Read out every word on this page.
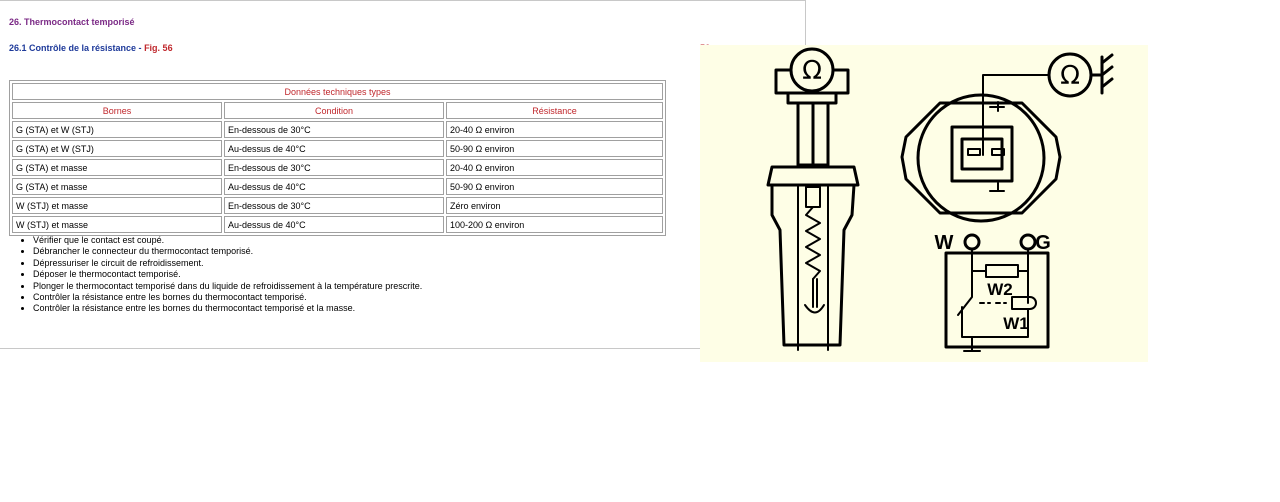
26. Thermocontact temporisé
26.1 Contrôle de la résistance - Fig. 56
Données techniques types		
Bornes	Condition	Résistance
G (STA) et W (STJ)	En-dessous de 30°C	20-40 Ω environ
G (STA) et W (STJ)	Au-dessus de 40°C	50-90 Ω environ
G (STA) et masse	En-dessous de 30°C	20-40 Ω environ
G (STA) et masse	Au-dessus de 40°C	50-90 Ω environ
W (STJ) et masse	En-dessous de 30°C	Zéro environ
W (STJ) et masse	Au-dessus de 40°C	100-200 Ω environ
• Vérifier que le contact est coupé.
• Débrancher le connecteur du thermocontact temporisé.
• Dépressuriser le circuit de refroidissement.
• Déposer le thermocontact temporisé.
• Plonger le thermocontact temporisé dans du liquide de refroidissement à la température prescrite.
• Contrôler la résistance entre les bornes du thermocontact temporisé.
• Contrôler la résistance entre les bornes du thermocontact temporisé et la masse.
Ω	Ω
W	G
W2
W1
